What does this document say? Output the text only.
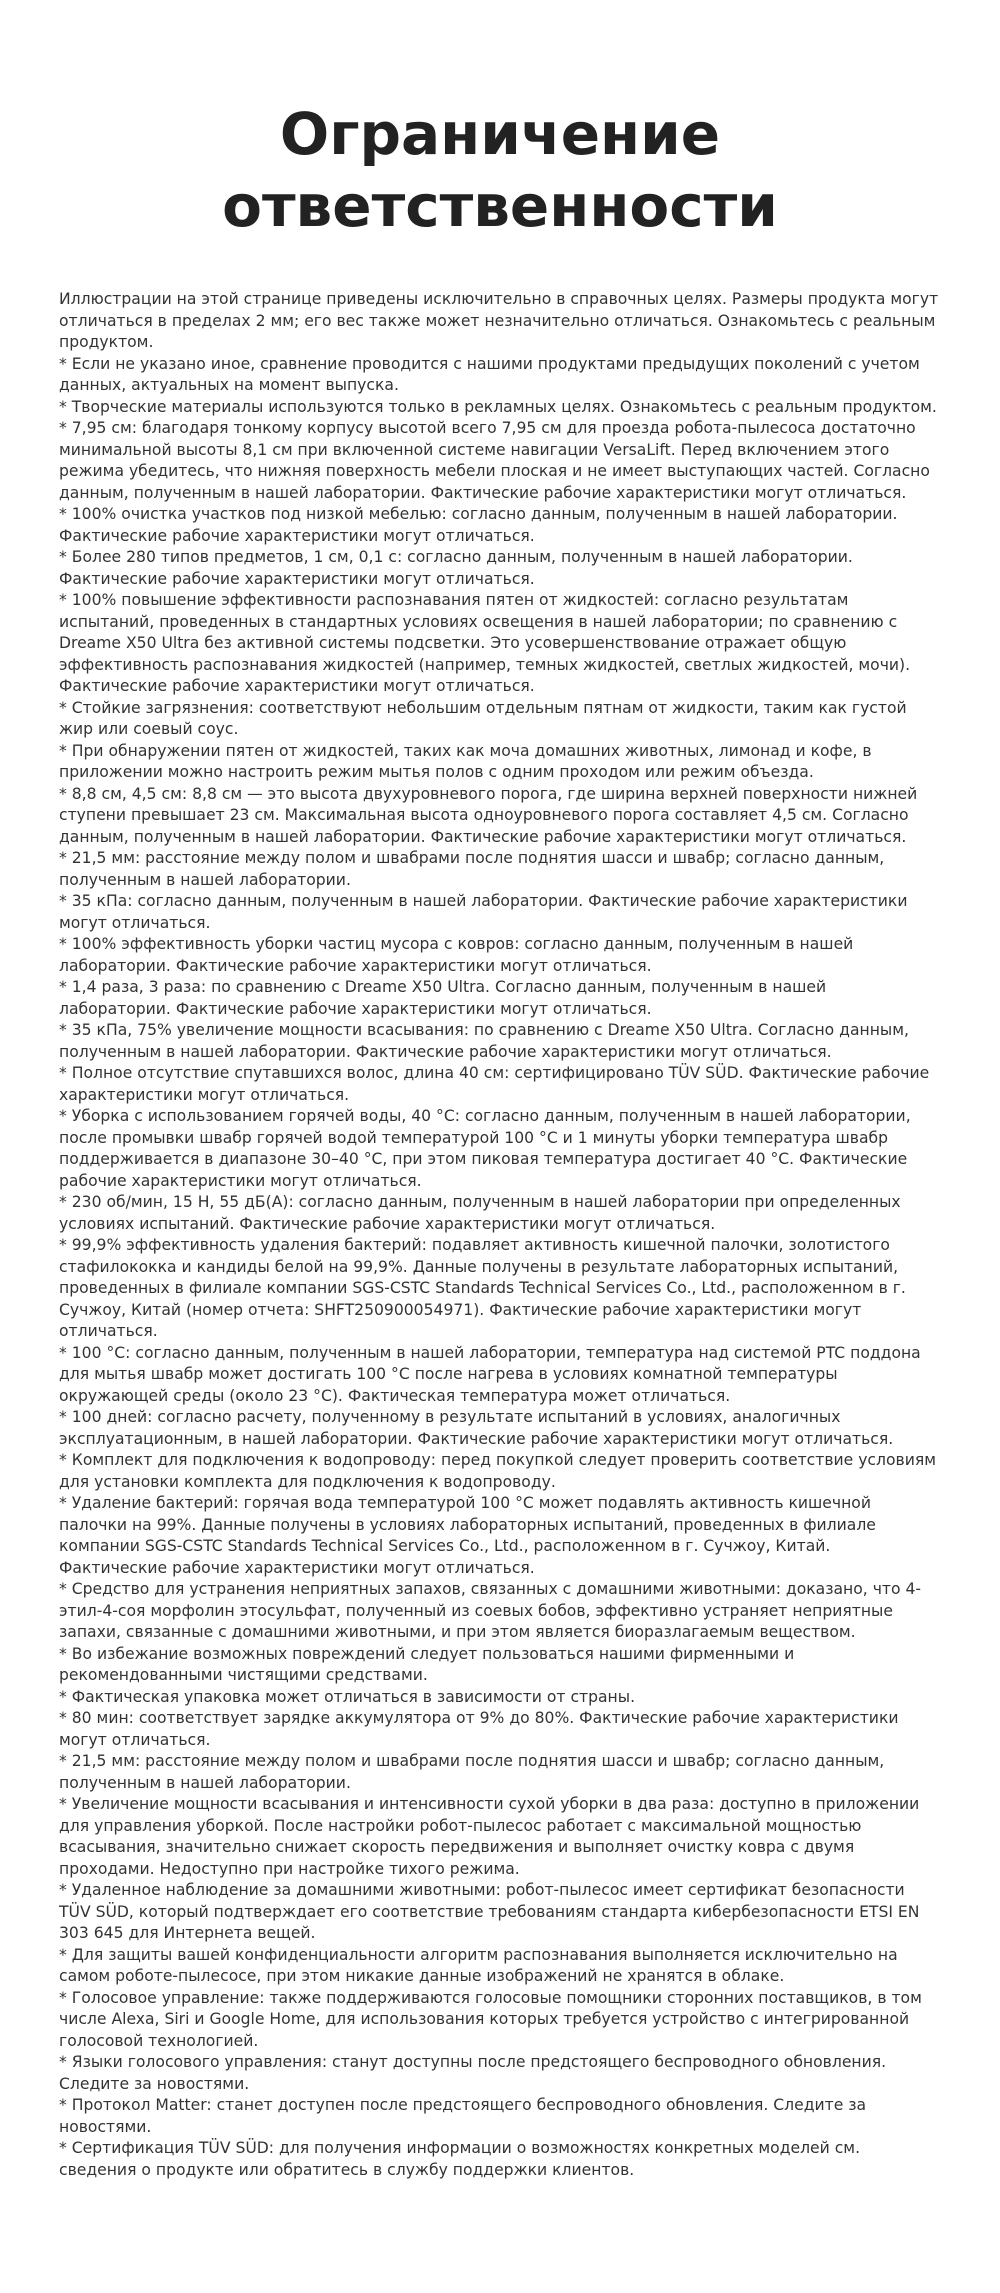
Ограничение
ответственности

Иллюстрации на этой странице приведены исключительно в справочных целях. Размеры продукта могут отличаться в пределах 2 мм; его вес также может незначительно отличаться. Ознакомьтесь с реальным продуктом.

* Если не указано иное, сравнение проводится с нашими продуктами предыдущих поколений с учетом данных, актуальных на момент выпуска.

* Творческие материалы используются только в рекламных целях. Ознакомьтесь с реальным продуктом.

* 7,95 см: благодаря тонкому корпусу высотой всего 7,95 см для проезда робота-пылесоса достаточно минимальной высоты 8,1 см при включенной системе навигации VersaLift. Перед включением этого режима убедитесь, что нижняя поверхность мебели плоская и не имеет выступающих частей. Согласно данным, полученным в нашей лаборатории. Фактические рабочие характеристики могут отличаться.

* 100% очистка участков под низкой мебелью: согласно данным, полученным в нашей лаборатории. Фактические рабочие характеристики могут отличаться.

* Более 280 типов предметов, 1 см, 0,1 с: согласно данным, полученным в нашей лаборатории. Фактические рабочие характеристики могут отличаться.

* 100% повышение эффективности распознавания пятен от жидкостей: согласно результатам испытаний, проведенных в стандартных условиях освещения в нашей лаборатории; по сравнению с Dreame X50 Ultra без активной системы подсветки. Это усовершенствование отражает общую эффективность распознавания жидкостей (например, темных жидкостей, светлых жидкостей, мочи). Фактические рабочие характеристики могут отличаться.

* Стойкие загрязнения: соответствуют небольшим отдельным пятнам от жидкости, таким как густой жир или соевый соус.

* При обнаружении пятен от жидкостей, таких как моча домашних животных, лимонад и кофе, в приложении можно настроить режим мытья полов с одним проходом или режим объезда.

* 8,8 см, 4,5 см: 8,8 см — это высота двухуровневого порога, где ширина верхней поверхности нижней ступени превышает 23 см. Максимальная высота одноуровневого порога составляет 4,5 см. Согласно данным, полученным в нашей лаборатории. Фактические рабочие характеристики могут отличаться.

* 21,5 мм: расстояние между полом и швабрами после поднятия шасси и швабр; согласно данным, полученным в нашей лаборатории.

* 35 кПа: согласно данным, полученным в нашей лаборатории. Фактические рабочие характеристики могут отличаться.

* 100% эффективность уборки частиц мусора с ковров: согласно данным, полученным в нашей лаборатории. Фактические рабочие характеристики могут отличаться.

* 1,4 раза, 3 раза: по сравнению с Dreame X50 Ultra. Согласно данным, полученным в нашей лаборатории. Фактические рабочие характеристики могут отличаться.

* 35 кПа, 75% увеличение мощности всасывания: по сравнению с Dreame X50 Ultra. Согласно данным, полученным в нашей лаборатории. Фактические рабочие характеристики могут отличаться.

* Полное отсутствие спутавшихся волос, длина 40 см: сертифицировано TÜV SÜD. Фактические рабочие характеристики могут отличаться.

* Уборка с использованием горячей воды, 40 °C: согласно данным, полученным в нашей лаборатории, после промывки швабр горячей водой температурой 100 °C и 1 минуты уборки температура швабр поддерживается в диапазоне 30–40 °C, при этом пиковая температура достигает 40 °C. Фактические рабочие характеристики могут отличаться.

* 230 об/мин, 15 Н, 55 дБ(A): согласно данным, полученным в нашей лаборатории при определенных условиях испытаний. Фактические рабочие характеристики могут отличаться.

* 99,9% эффективность удаления бактерий: подавляет активность кишечной палочки, золотистого стафилококка и кандиды белой на 99,9%. Данные получены в результате лабораторных испытаний, проведенных в филиале компании SGS-CSTC Standards Technical Services Co., Ltd., расположенном в г. Сучжоу, Китай (номер отчета: SHFT250900054971). Фактические рабочие характеристики могут отличаться.

* 100 °C: согласно данным, полученным в нашей лаборатории, температура над системой PTC поддона для мытья швабр может достигать 100 °C после нагрева в условиях комнатной температуры окружающей среды (около 23 °C). Фактическая температура может отличаться.

* 100 дней: согласно расчету, полученному в результате испытаний в условиях, аналогичных эксплуатационным, в нашей лаборатории. Фактические рабочие характеристики могут отличаться.

* Комплект для подключения к водопроводу: перед покупкой следует проверить соответствие условиям для установки комплекта для подключения к водопроводу.

* Удаление бактерий: горячая вода температурой 100 °C может подавлять активность кишечной палочки на 99%. Данные получены в условиях лабораторных испытаний, проведенных в филиале компании SGS-CSTC Standards Technical Services Co., Ltd., расположенном в г. Сучжоу, Китай. Фактические рабочие характеристики могут отличаться.

* Средство для устранения неприятных запахов, связанных с домашними животными: доказано, что 4-этил-4-соя морфолин этосульфат, полученный из соевых бобов, эффективно устраняет неприятные запахи, связанные с домашними животными, и при этом является биоразлагаемым веществом.

* Во избежание возможных повреждений следует пользоваться нашими фирменными и рекомендованными чистящими средствами.

* Фактическая упаковка может отличаться в зависимости от страны.

* 80 мин: соответствует зарядке аккумулятора от 9% до 80%. Фактические рабочие характеристики могут отличаться.

* 21,5 мм: расстояние между полом и швабрами после поднятия шасси и швабр; согласно данным, полученным в нашей лаборатории.

* Увеличение мощности всасывания и интенсивности сухой уборки в два раза: доступно в приложении для управления уборкой. После настройки робот-пылесос работает с максимальной мощностью всасывания, значительно снижает скорость передвижения и выполняет очистку ковра с двумя проходами. Недоступно при настройке тихого режима.

* Удаленное наблюдение за домашними животными: робот-пылесос имеет сертификат безопасности TÜV SÜD, который подтверждает его соответствие требованиям стандарта кибербезопасности ETSI EN 303 645 для Интернета вещей.

* Для защиты вашей конфиденциальности алгоритм распознавания выполняется исключительно на самом роботе-пылесосе, при этом никакие данные изображений не хранятся в облаке.

* Голосовое управление: также поддерживаются голосовые помощники сторонних поставщиков, в том числе Alexa, Siri и Google Home, для использования которых требуется устройство с интегрированной голосовой технологией.

* Языки голосового управления: станут доступны после предстоящего беспроводного обновления. Следите за новостями.

* Протокол Matter: станет доступен после предстоящего беспроводного обновления. Следите за новостями.

* Сертификация TÜV SÜD: для получения информации о возможностях конкретных моделей см. сведения о продукте или обратитесь в службу поддержки клиентов.
